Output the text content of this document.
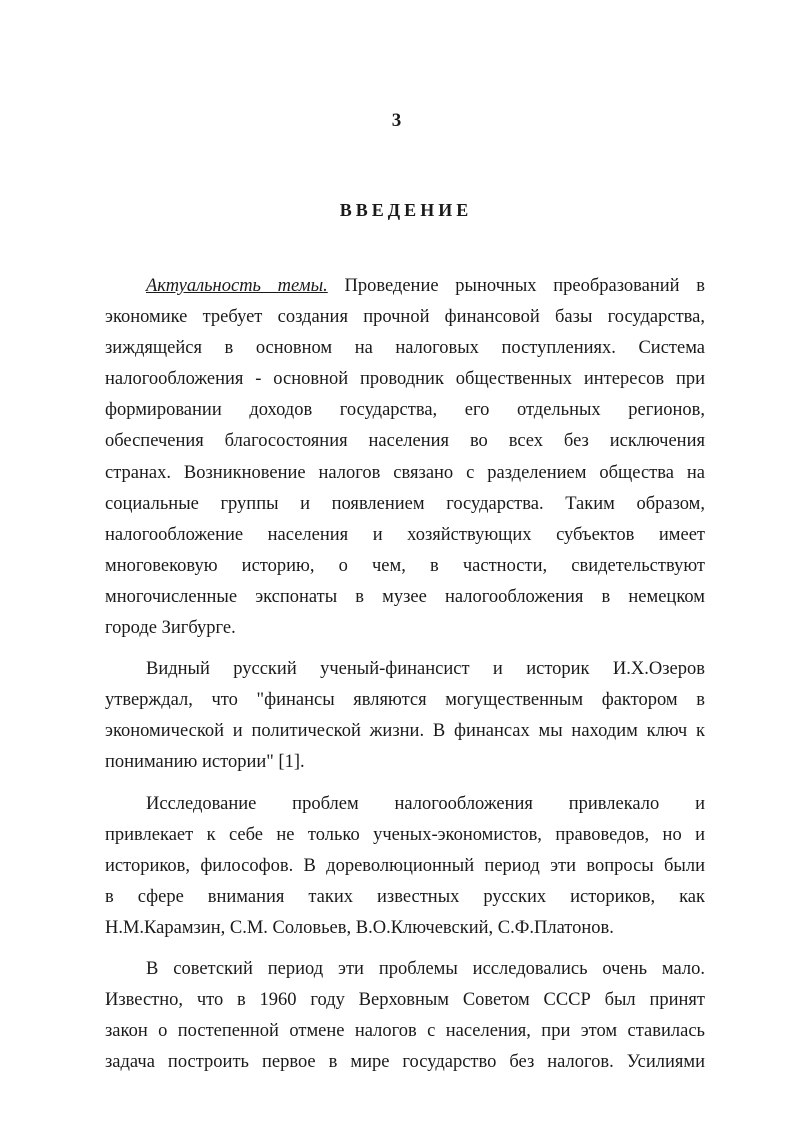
3
ВВЕДЕНИЕ
Актуальность темы. Проведение рыночных преобразований в
экономике требует создания прочной финансовой базы государства,
зиждящейся в основном на налоговых поступлениях. Система
налогообложения - основной проводник общественных интересов при
формировании доходов государства, его отдельных регионов,
обеспечения благосостояния населения во всех без исключения
странах. Возникновение налогов связано с разделением общества на
социальные группы и появлением государства. Таким образом,
налогообложение населения и хозяйствующих субъектов имеет
многовековую историю, о чем, в частности, свидетельствуют
многочисленные экспонаты в музее налогообложения в немецком
городе Зигбурге.
Видный русский ученый-финансист и историк И.Х.Озеров
утверждал, что "финансы являются могущественным фактором в
экономической и политической жизни. В финансах мы находим ключ к
пониманию истории" [1].
Исследование проблем налогообложения привлекало и
привлекает к себе не только ученых-экономистов, правоведов, но и
историков, философов. В дореволюционный период эти вопросы были
в сфере внимания таких известных русских историков, как
Н.М.Карамзин, С.М. Соловьев, В.О.Ключевский, С.Ф.Платонов.
В советский период эти проблемы исследовались очень мало.
Известно, что в 1960 году Верховным Советом СССР был принят
закон о постепенной отмене налогов с населения, при этом ставилась
задача построить первое в мире государство без налогов. Усилиями
